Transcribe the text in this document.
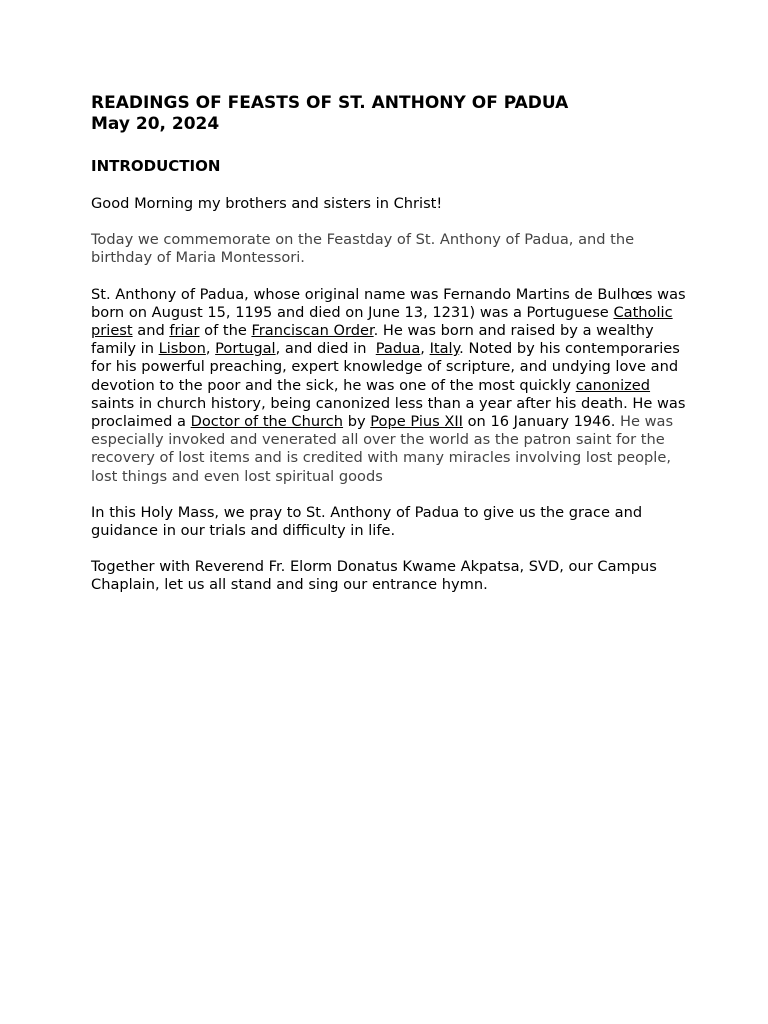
READINGS OF FEASTS OF ST. ANTHONY OF PADUA
May 20, 2024

INTRODUCTION

Good Morning my brothers and sisters in Christ!

Today we commemorate on the Feastday of St. Anthony of Padua, and the birthday of Maria Montessori.

St. Anthony of Padua, whose original name was Fernando Martins de Bulhœs was born on August 15, 1195 and died on June 13, 1231) was a Portuguese Catholic priest and friar of the Franciscan Order. He was born and raised by a wealthy family in Lisbon, Portugal, and died in  Padua, Italy. Noted by his contemporaries for his powerful preaching, expert knowledge of scripture, and undying love and devotion to the poor and the sick, he was one of the most quickly canonized saints in church history, being canonized less than a year after his death. He was proclaimed a Doctor of the Church by Pope Pius XII on 16 January 1946. He was especially invoked and venerated all over the world as the patron saint for the recovery of lost items and is credited with many miracles involving lost people, lost things and even lost spiritual goods

In this Holy Mass, we pray to St. Anthony of Padua to give us the grace and guidance in our trials and difficulty in life.

Together with Reverend Fr. Elorm Donatus Kwame Akpatsa, SVD, our Campus Chaplain, let us all stand and sing our entrance hymn.
